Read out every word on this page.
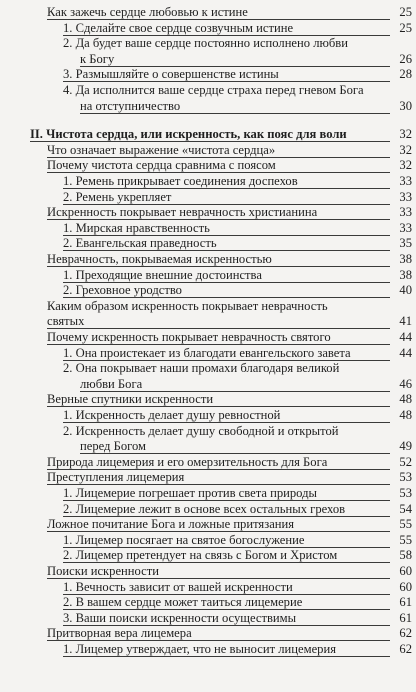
Как зажечь сердце любовью к истине	25
1. Сделайте свое сердце созвучным истине	25
2. Да будет ваше сердце постоянно исполнено любви
к Богу	26
3. Размышляйте о совершенстве истины	28
4. Да исполнится ваше сердце страха перед гневом Бога
на отступничество	30
II. Чистота сердца, или искренность, как пояс для воли	32
Что означает выражение «чистота сердца»	32
Почему чистота сердца сравнима с поясом	32
1. Ремень прикрывает соединения доспехов	33
2. Ремень укрепляет	33
Искренность покрывает неврачность христианина	33
1. Мирская нравственность	33
2. Евангельская праведность	35
Неврачность, покрываемая искренностью	38
1. Преходящие внешние достоинства	38
2. Греховное уродство	40
Каким образом искренность покрывает неврачность
святых	41
Почему искренность покрывает неврачность святого	44
1. Она проистекает из благодати евангельского завета	44
2. Она покрывает наши промахи благодаря великой
любви Бога	46
Верные спутники искренности	48
1. Искренность делает душу ревностной	48
2. Искренность делает душу свободной и открытой
перед Богом	49
Природа лицемерия и его омерзительность для Бога	52
Преступления лицемерия	53
1. Лицемерие погрешает против света природы	53
2. Лицемерие лежит в основе всех остальных грехов	54
Ложное почитание Бога и ложные притязания	55
1. Лицемер посягает на святое богослужение	55
2. Лицемер претендует на связь с Богом и Христом	58
Поиски искренности	60
1. Вечность зависит от вашей искренности	60
2. В вашем сердце может таиться лицемерие	61
3. Ваши поиски искренности осуществимы	61
Притворная вера лицемера	62
1. Лицемер утверждает, что не выносит лицемерия	62
